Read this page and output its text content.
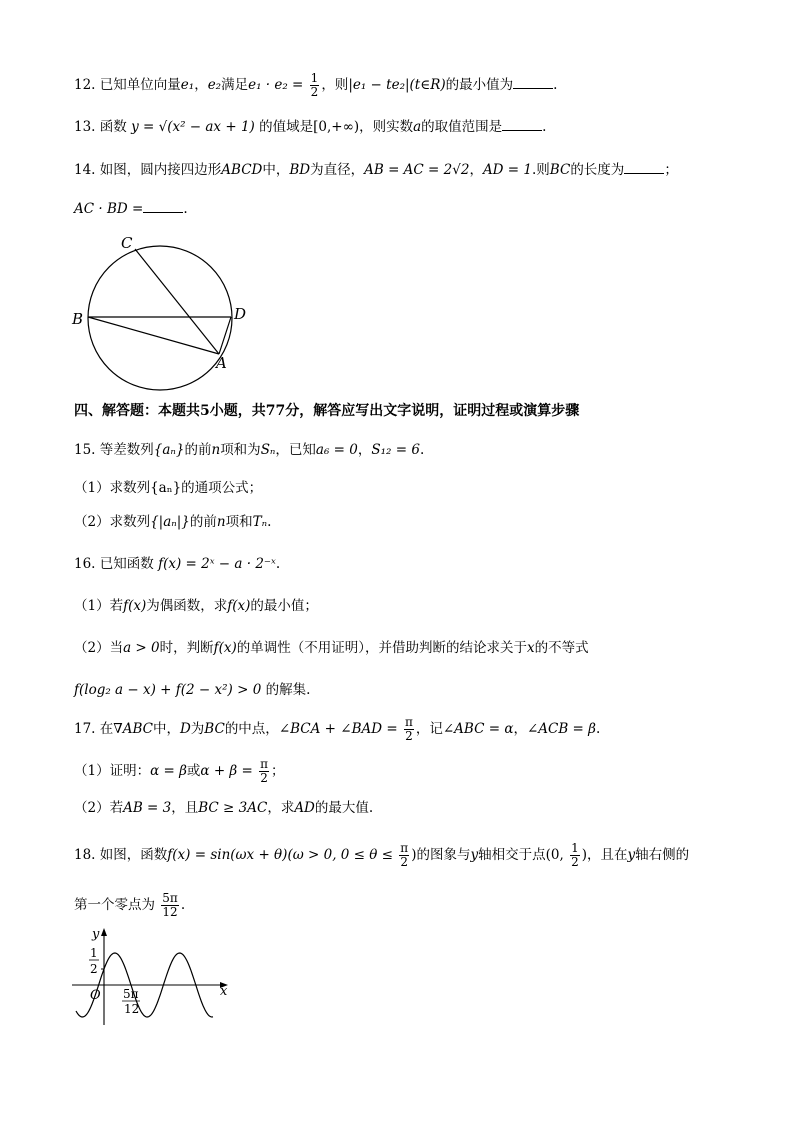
12. 已知单位向量e₁，e₂满足$e_1 \cdot e_2 = \frac{1}{2}$ ，则|e₁ − te₂|(t∈R)的最小值为	.
13. 函数 y = √(x² − ax + 1) 的值域是[0,+∞)，则实数a的取值范围是	.
14. 如图，圆内接四边形ABCD中，BD为直径，AB = AC = 2√2，AD = 1.则BC的长度为	；
AC · BD =	.
C
B	D
A
四、解答题：本题共5小题，共77分，解答应写出文字说明，证明过程或演算步骤
15. 等差数列{aₙ}的前n项和为Sₙ，已知a₆ = 0，S₁₂ = 6.
（1）求数列{aₙ}的通项公式；
（2）求数列{|aₙ|}的前n项和Tₙ.
16. 已知函数 f(x) = 2ˣ − a · 2⁻ˣ.
（1）若f(x)为偶函数，求f(x)的最小值；
（2）当a > 0时，判断f(x)的单调性（不用证明），并借助判断的结论求关于x的不等式
f(log₂ a − x) + f(2 − x²) > 0 的解集.
17. 在∇ABC中，D为BC的中点，∠BCA + ∠BAD = $\frac{\pi}{2}$ ，记∠ABC = α，∠ACB = β.
（1）证明：α = β或$\alpha + \beta = \frac{\pi}{2}$ ；
（2）若AB = 3，且BC ≥ 3AC，求AD的最大值.
18. 如图，函数f(x) = sin(ωx + θ)(ω > 0, $0 \le \theta \le \frac{\pi}{2}$ )的图象与y轴相交于点(0, $\frac{1}{2}$ )，且在y轴右侧的
第一个零点为 $\frac{5\pi}{12}$ .
y
1
2
O 5π
12
x
